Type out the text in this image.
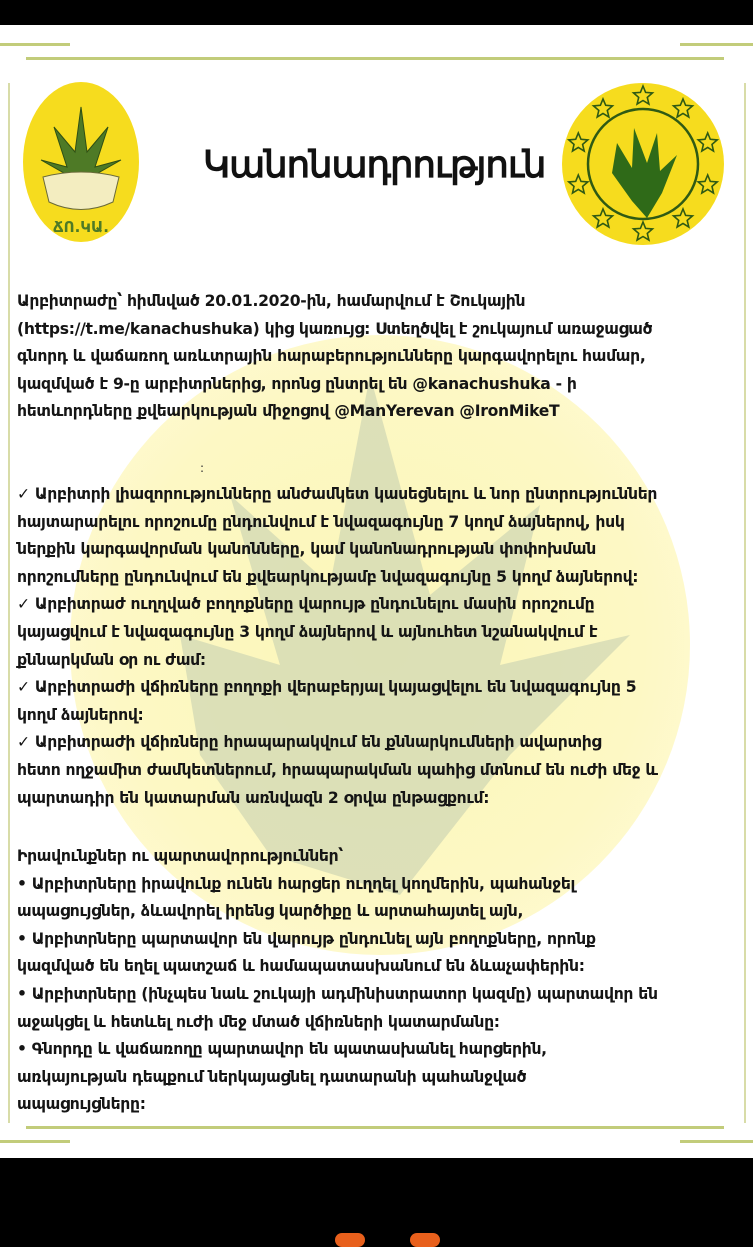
ՃՈ.ԿԱ.
Կանոնադրություն
Արբիտրաժը՝ հիմնված 20.01.2020-ին, համարվում է Շուկային
(https://t.me/kanachushuka) կից կառույց: Ստեղծվել է շուկայում առաջացած
գնորդ և վաճառող առևտրային հարաբերությունները կարգավորելու համար,
կազմված է 9-ը արբիտրներից, որոնց ընտրել են @kanachushuka - ի
հետևորդները քվեարկության միջոցով @ManYerevan @IronMikeT
:
✓ Արբիտրի լիազորությունները անժամկետ կասեցնելու և նոր ընտրություններ
հայտարարելու որոշումը ընդունվում է նվազագույնը 7 կողմ ձայներով, իսկ
ներքին կարգավորման կանոնները, կամ կանոնադրության փոփոխման
որոշումները ընդունվում են քվեարկությամբ նվազագույնը 5 կողմ ձայներով:
✓ Արբիտրաժ ուղղված բողոքները վարույթ ընդունելու մասին որոշումը
կայացվում է նվազագույնը 3 կողմ ձայներով և այնուհետ նշանակվում է
քննարկման օր ու ժամ:
✓ Արբիտրաժի վճիռները բողոքի վերաբերյալ կայացվելու են նվազագույնը 5
կողմ ձայներով:
✓ Արբիտրաժի վճիռները հրապարակվում են քննարկումների ավարտից
հետո ողջամիտ ժամկետներում, հրապարակման պահից մտնում են ուժի մեջ և
պարտադիր են կատարման առնվազն 2 օրվա ընթացքում:
Իրավունքներ ու պարտավորություններ՝
• Արբիտրները իրավունք ունեն հարցեր ուղղել կողմերին, պահանջել
ապացույցներ, ձևավորել իրենց կարծիքը և արտահայտել այն,
• Արբիտրները պարտավոր են վարույթ ընդունել այն բողոքները, որոնք
կազմված են եղել պատշաճ և համապատասխանում են ձևաչափերին:
• Արբիտրները (ինչպես նաև շուկայի ադմինիստրատոր կազմը) պարտավոր են
աջակցել և հետևել ուժի մեջ մտած վճիռների կատարմանը:
• Գնորդը և վաճառողը պարտավոր են պատասխանել հարցերին,
առկայության դեպքում ներկայացնել դատարանի պահանջված
ապացույցները:
